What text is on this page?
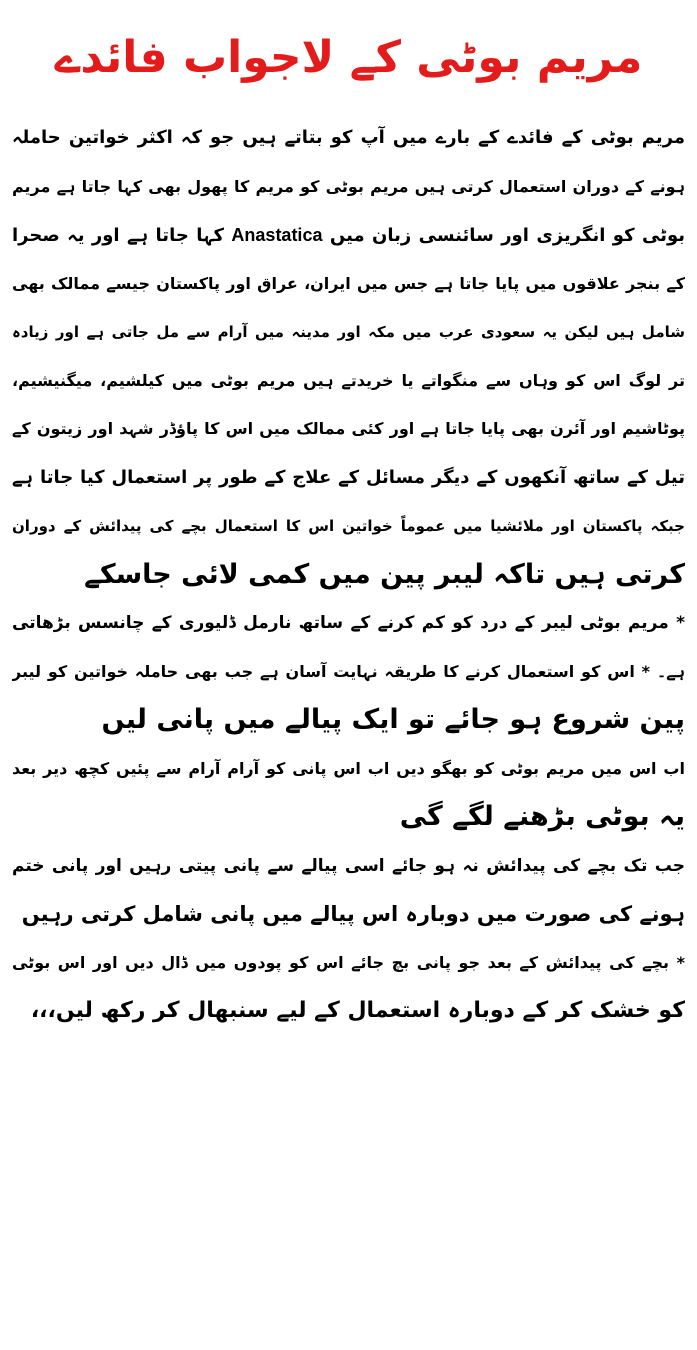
مریم بوٹی کے لاجواب فائدے
مریم بوٹی کے فائدے کے بارے میں آپ کو بتاتے ہیں جو کہ اکثر خواتین حاملہ
ہونے کے دوران استعمال کرتی ہیں مریم بوٹی کو مریم کا پھول بھی کہا جاتا ہے مریم
بوٹی کو انگریزی اور سائنسی زبان میں Anastatica کہا جاتا ہے اور یہ صحرا
کے بنجر علاقوں میں پایا جاتا ہے جس میں ایران، عراق اور پاکستان جیسے ممالک بھی
شامل ہیں لیکن یہ سعودی عرب میں مکہ اور مدینہ میں آرام سے مل جاتی ہے اور زیادہ
تر لوگ اس کو وہاں سے منگواتے یا خریدتے ہیں مریم بوٹی میں کیلشیم، میگنیشیم،
پوٹاشیم اور آئرن بھی پایا جاتا ہے اور کئی ممالک میں اس کا پاؤڈر شہد اور زیتون کے
تیل کے ساتھ آنکھوں کے دیگر مسائل کے علاج کے طور پر استعمال کیا جاتا ہے
جبکہ پاکستان اور ملائشیا میں عموماً خواتین اس کا استعمال بچے کی پیدائش کے دوران
کرتی ہیں تاکہ لیبر پین میں کمی لائی جاسکے
* مریم بوٹی لیبر کے درد کو کم کرنے کے ساتھ نارمل ڈلیوری کے چانسس بڑھاتی
ہے۔ * اس کو استعمال کرنے کا طریقہ نہایت آسان ہے جب بھی حاملہ خواتین کو لیبر
پین شروع ہو جائے تو ایک پیالے میں پانی لیں
اب اس میں مریم بوٹی کو بھگو دیں اب اس پانی کو آرام آرام سے پئیں کچھ دیر بعد
یہ بوٹی بڑھنے لگے گی
جب تک بچے کی پیدائش نہ ہو جائے اسی پیالے سے پانی پیتی رہیں اور پانی ختم
ہونے کی صورت میں دوبارہ اس پیالے میں پانی شامل کرتی رہیں
* بچے کی پیدائش کے بعد جو پانی بچ جائے اس کو پودوں میں ڈال دیں اور اس بوٹی
کو خشک کر کے دوبارہ استعمال کے لیے سنبھال کر رکھ لیں،،،
